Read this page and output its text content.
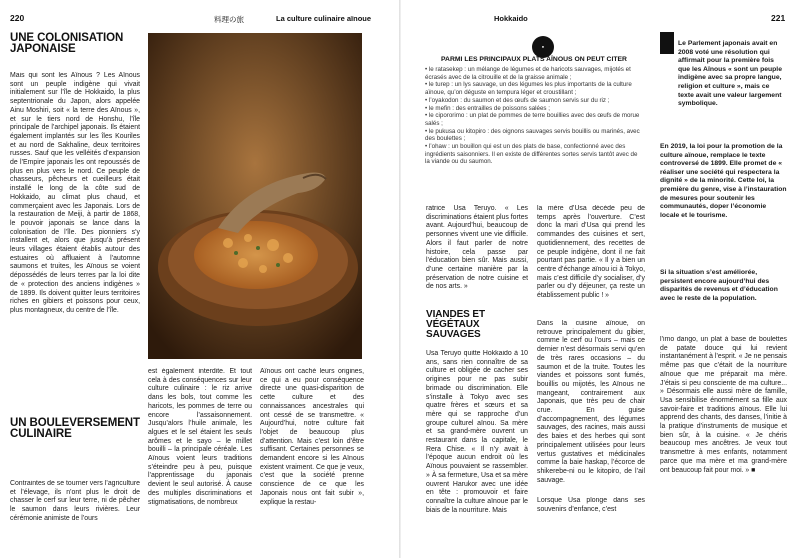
220	料理の旅	La culture culinaire aïnoue
UNE COLONISATION JAPONAISE
Mais qui sont les Aïnous ? Les Aïnous sont un peuple indigène qui vivait initialement sur l’île de Hokkaido, la plus septentrionale du Japon, alors appelée Ainu Moshiri, soit « la terre des Aïnous », et sur le tiers nord de Honshu, l’île principale de l’archipel japonais. Ils étaient également implantés sur les îles Kouriles et au nord de Sakhaline, deux territoires russes. Sauf que les velléités d’expansion de l’Empire japonais les ont repoussés de plus en plus vers le nord. Ce peuple de chasseurs, pêcheurs et cueilleurs était installé le long de la côte sud de Hokkaido, au climat plus chaud, et commerçaient avec les Japonais. Lors de la restauration de Meiji, à partir de 1868, le pouvoir japonais se lance dans la colonisation de l’île. Des pionniers s’y installent et, alors que jusqu’à présent leurs villages étaient établis autour des estuaires où affluaient à l’automne saumons et truites, les Aïnous se voient dépossédés de leurs terres par la loi dite de « protection des anciens indigènes » de 1899. Ils doivent quitter leurs territoires riches en gibiers et poissons pour ceux, plus montagneux, du centre de l’île.
UN BOULEVERSEMENT CULINAIRE
Contraintes de se tourner vers l’agriculture et l’élevage, ils n’ont plus le droit de chasser le cerf sur leur terre, ni de pêcher le saumon dans leurs rivières. Leur cérémonie animiste de l’ours
est également interdite. Et tout cela à des conséquences sur leur culture culinaire : le riz arrive dans les bols, tout comme les haricots, les pommes de terre ou encore l’assaisonnement. Jusqu’alors l’huile animale, les algues et le sel étaient les seuls arômes et le sayo – le millet bouilli – la principale céréale. Les Aïnous voient leurs traditions s’éteindre peu à peu, puisque l’apprentissage du japonais devient le seul autorisé. À cause des multiples discriminations et stigmatisations, de nombreux
Aïnous ont caché leurs origines, ce qui a eu pour conséquence directe une quasi-disparition de cette culture et des connaissances ancestrales qui ont cessé de se transmettre. « Aujourd’hui, notre culture fait l’objet de beaucoup plus d’attention. Mais c’est loin d’être suffisant. Certaines personnes se demandent encore si les Aïnous existent vraiment. Ce que je veux, c’est que la société prenne conscience de ce que les Japonais nous ont fait subir », explique la restau-
Hokkaido	221
●
PARMI LES PRINCIPAUX PLATS AÏNOUS ON PEUT CITER
• le ratasekep : un mélange de légumes et de haricots sauvages, mijotés et écrasés avec de la citrouille et de la graisse animale ;
• le turep : un lys sauvage, un des légumes les plus importants de la culture aïnoue, qu’on déguste en tempura léger et croustillant ;
• l’oyakodon : du saumon et des œufs de saumon servis sur du riz ;
• le mefin : des entrailles de poissons salées ;
• le cipororimo : un plat de pommes de terre bouillies avec des œufs de morue salés ;
• le pukusa ou kitopiro : des oignons sauvages servis bouillis ou marinés, avec des boulettes ;
• l’ohaw : un bouillon qui est un des plats de base, confectionné avec des ingrédients saisonniers. Il en existe de différentes sortes servis tantôt avec de la viande ou du saumon.
ratrice Usa Teruyo. « Les discriminations étaient plus fortes avant. Aujourd’hui, beaucoup de personnes vivent une vie difficile. Alors il faut parler de notre histoire, cela passe par l’éducation bien sûr. Mais aussi, d’une certaine manière par la préservation de notre cuisine et de nos arts. »
VIANDES ET VÉGÉTAUX SAUVAGES
Usa Teruyo quitte Hokkaido à 10 ans, sans rien connaître de sa culture et obligée de cacher ses origines pour ne pas subir brimade ou discrimination. Elle s’installe à Tokyo avec ses quatre frères et sœurs et sa mère qui se rapproche d’un groupe culturel aïnou. Sa mère et sa grand-mère ouvrent un restaurant dans la capitale, le Rera Chise. « Il n’y avait à l’époque aucun endroit où les Aïnous pouvaient se rassembler. » À sa fermeture, Usa et sa mère ouvrent Harukor avec une idée en tête : promouvoir et faire connaître la culture aïnoue par le biais de la nourriture. Mais
la mère d’Usa décède peu de temps après l’ouverture. C’est donc la mari d’Usa qui prend les commandes des cuisines et sert, quotidiennement, des recettes de ce peuple indigène, dont il ne fait pourtant pas partie. « Il y a bien un centre d’échange aïnou ici à Tokyo, mais c’est difficile d’y socialiser, d’y parler ou d’y déjeuner, ça reste un établissement public ! »
Dans la cuisine aïnoue, on retrouve principalement du gibier, comme le cerf ou l’ours – mais ce dernier n’est désormais servi qu’en de très rares occasions – du saumon et de la truite. Toutes les viandes et poissons sont fumés, bouillis ou mijotés, les Aïnous ne mangeant, contrairement aux Japonais, que très peu de chair crue. En guise d’accompagnement, des légumes sauvages, des racines, mais aussi des baies et des herbes qui sont principalement utilisées pour leurs vertus gustatives et médicinales comme la baie haskap, l’écorce de shikerebe-ni ou le kitopiro, de l’ail sauvage.
Lorsque Usa plonge dans ses souvenirs d’enfance, c’est
Le Parlement japonais avait en 2008 voté une résolution qui affirmait pour la première fois que les Aïnous « sont un peuple indigène avec sa propre langue, religion et culture », mais ce texte avait une valeur largement symbolique.
En 2019, la loi pour la promotion de la culture aïnoue, remplace le texte controversé de 1899. Elle promet de « réaliser une société qui respectera la dignité » de la minorité. Cette loi, la première du genre, vise à l’instauration de mesures pour soutenir les communautés, doper l’économie locale et le tourisme.
Si la situation s’est améliorée, persistent encore aujourd’hui des disparités de revenus et d’éducation avec le reste de la population.
l’imo dango, un plat à base de boulettes de patate douce qui lui revient instantanément à l’esprit. « Je ne pensais même pas que c’était de la nourriture aïnoue que me préparait ma mère. J’étais si peu consciente de ma culture... » Désormais elle aussi mère de famille, Usa sensibilise énormément sa fille aux savoir-faire et traditions aïnous. Elle lui apprend des chants, des danses, l’initie à la pratique d’instruments de musique et bien sûr, à la cuisine. « Je chéris beaucoup mes ancêtres. Je veux tout transmettre à mes enfants, notamment parce que ma mère et ma grand-mère ont beaucoup fait pour moi. » ■
